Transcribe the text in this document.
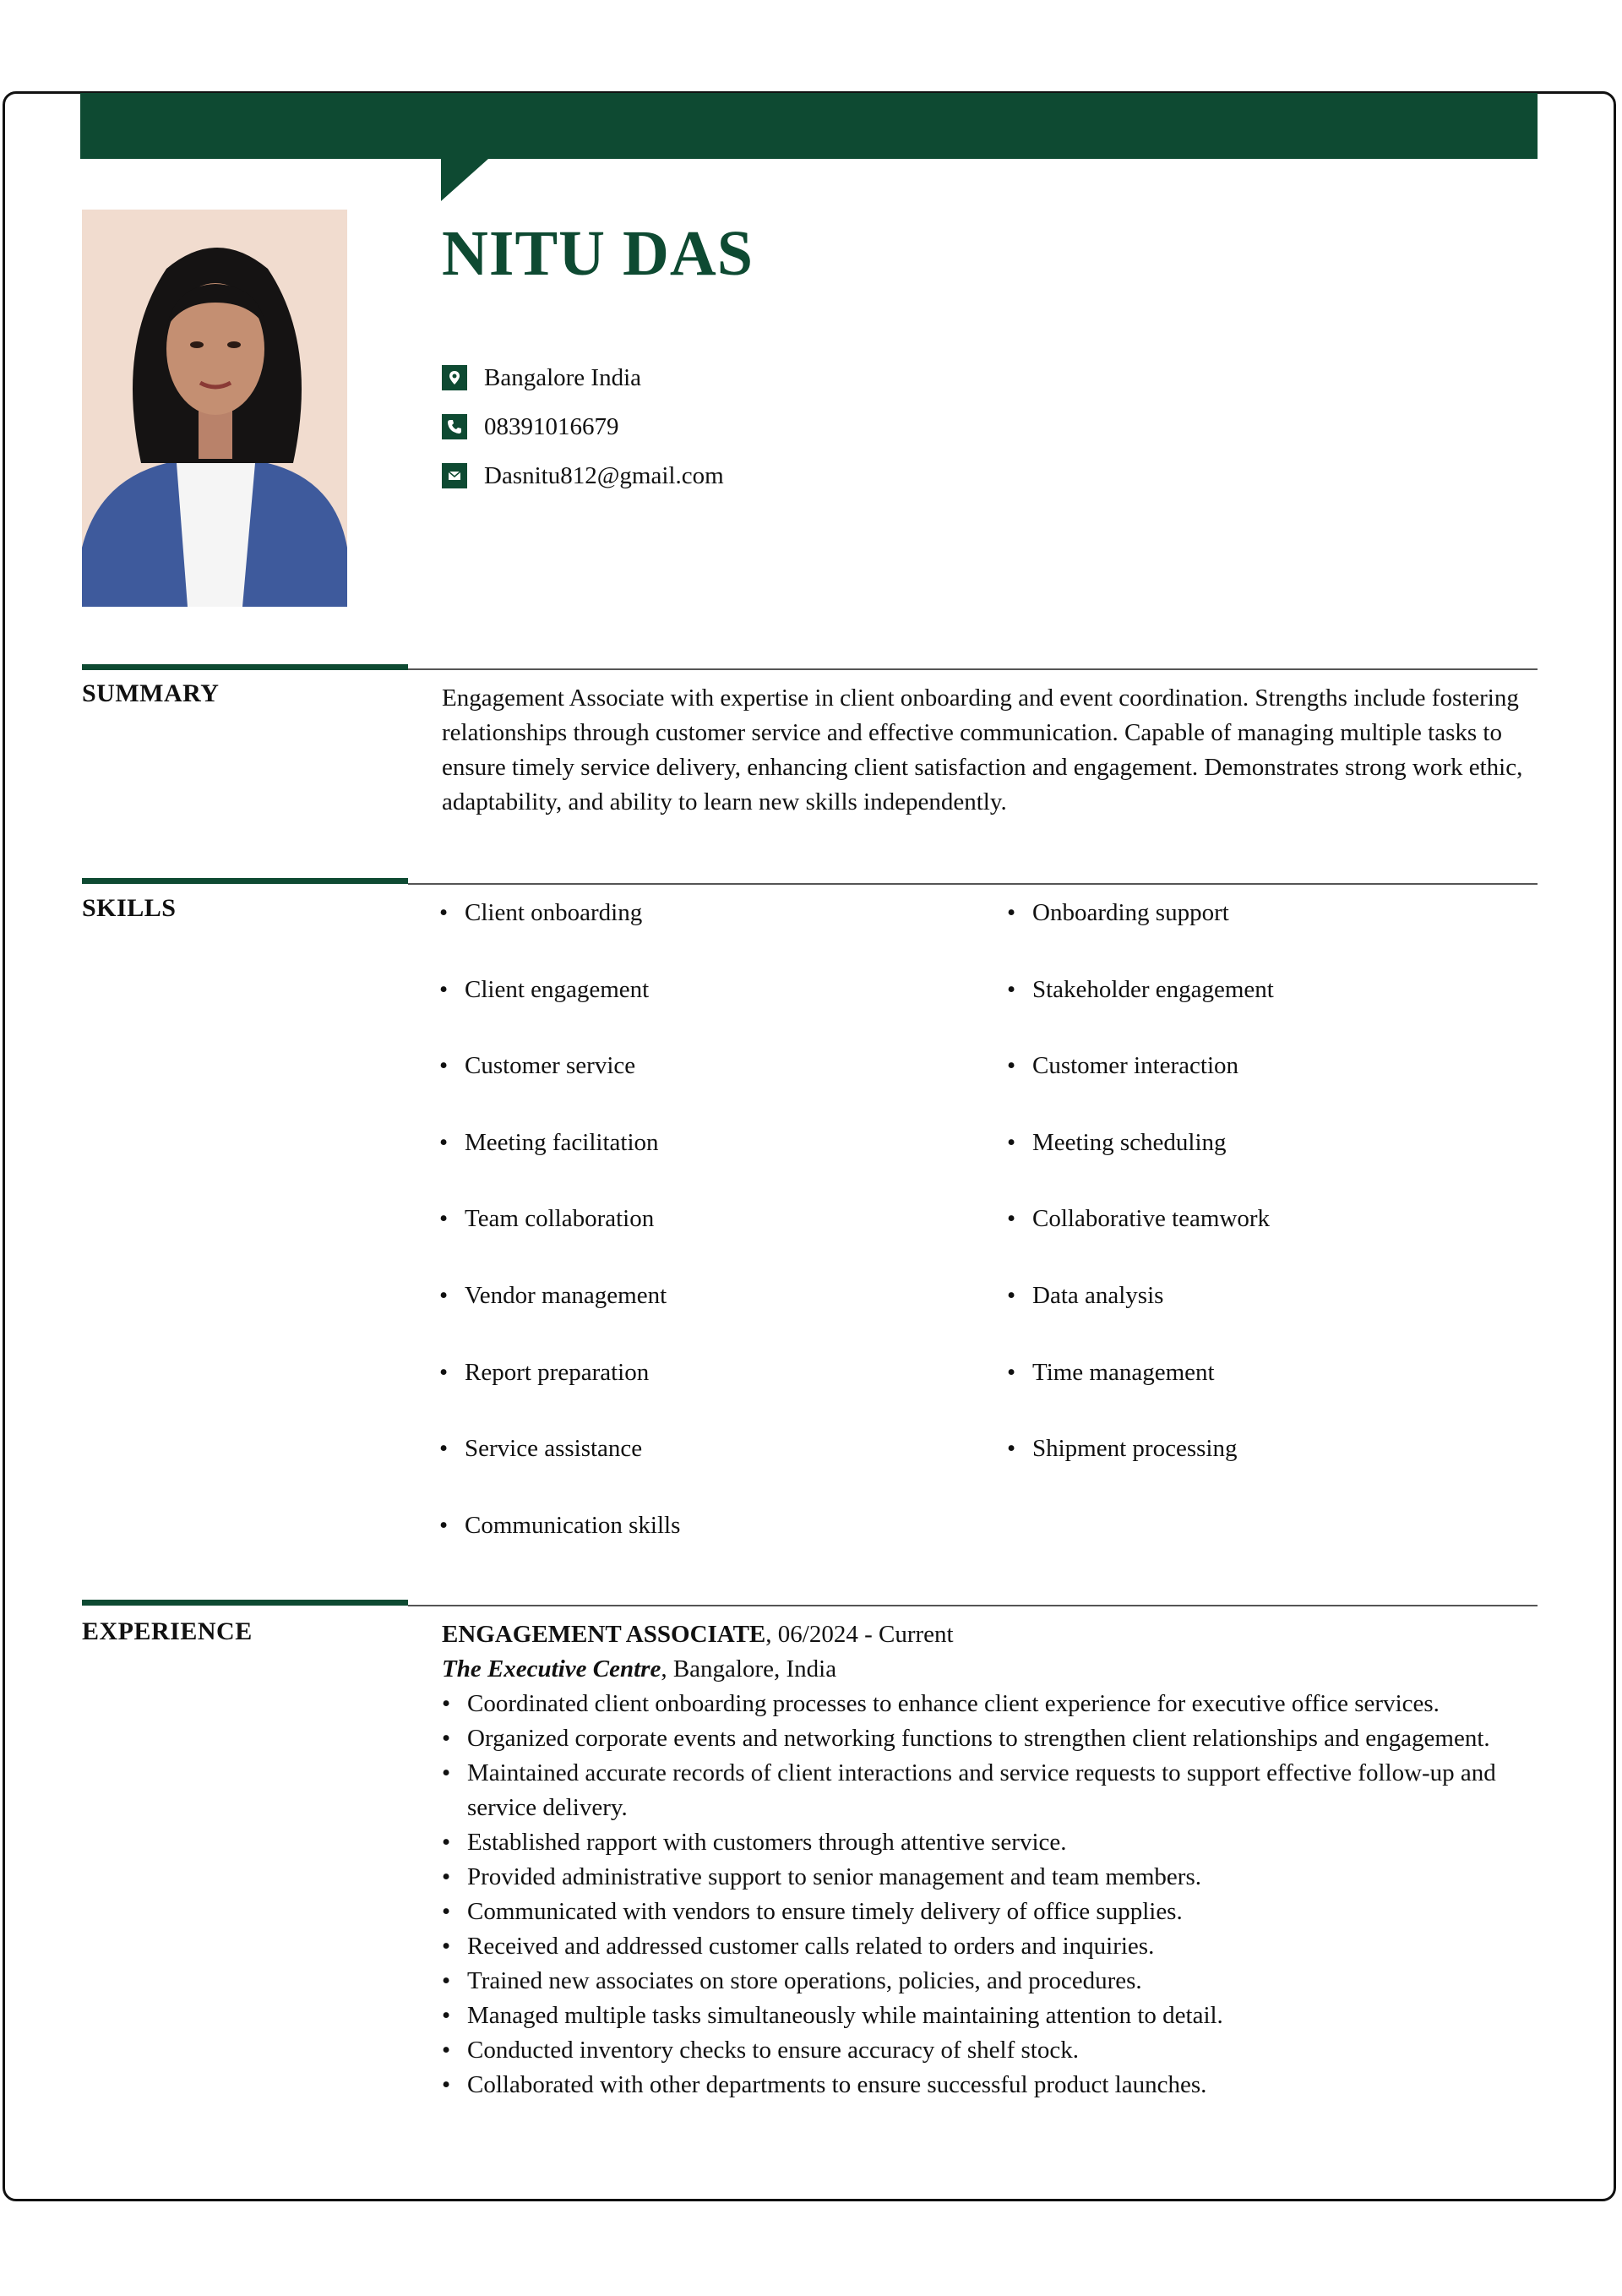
NITU DAS
Bangalore India
08391016679
Dasnitu812@gmail.com
SUMMARY	Engagement Associate with expertise in client onboarding and event coordination. Strengths include fostering relationships through customer service and effective communication. Capable of managing multiple tasks to ensure timely service delivery, enhancing client satisfaction and engagement. Demonstrates strong work ethic, adaptability, and ability to learn new skills independently.
SKILLS
•	Client onboarding
• Client engagement
• Customer service
• Meeting facilitation
• Team collaboration
• Vendor management
• Report preparation
• Service assistance
• Communication skills
• Onboarding support
• Stakeholder engagement
• Customer interaction
• Meeting scheduling
• Collaborative teamwork
• Data analysis
• Time management
• Shipment processing
EXPERIENCE	ENGAGEMENT ASSOCIATE, 06/2024 - Current
The Executive Centre, Bangalore, India
• Coordinated client onboarding processes to enhance client experience for executive office services.
• Organized corporate events and networking functions to strengthen client relationships and engagement.
• Maintained accurate records of client interactions and service requests to support effective follow-up and service delivery.
• Established rapport with customers through attentive service.
• Provided administrative support to senior management and team members.
• Communicated with vendors to ensure timely delivery of office supplies.
• Received and addressed customer calls related to orders and inquiries.
• Trained new associates on store operations, policies, and procedures.
• Managed multiple tasks simultaneously while maintaining attention to detail.
• Conducted inventory checks to ensure accuracy of shelf stock.
• Collaborated with other departments to ensure successful product launches.
